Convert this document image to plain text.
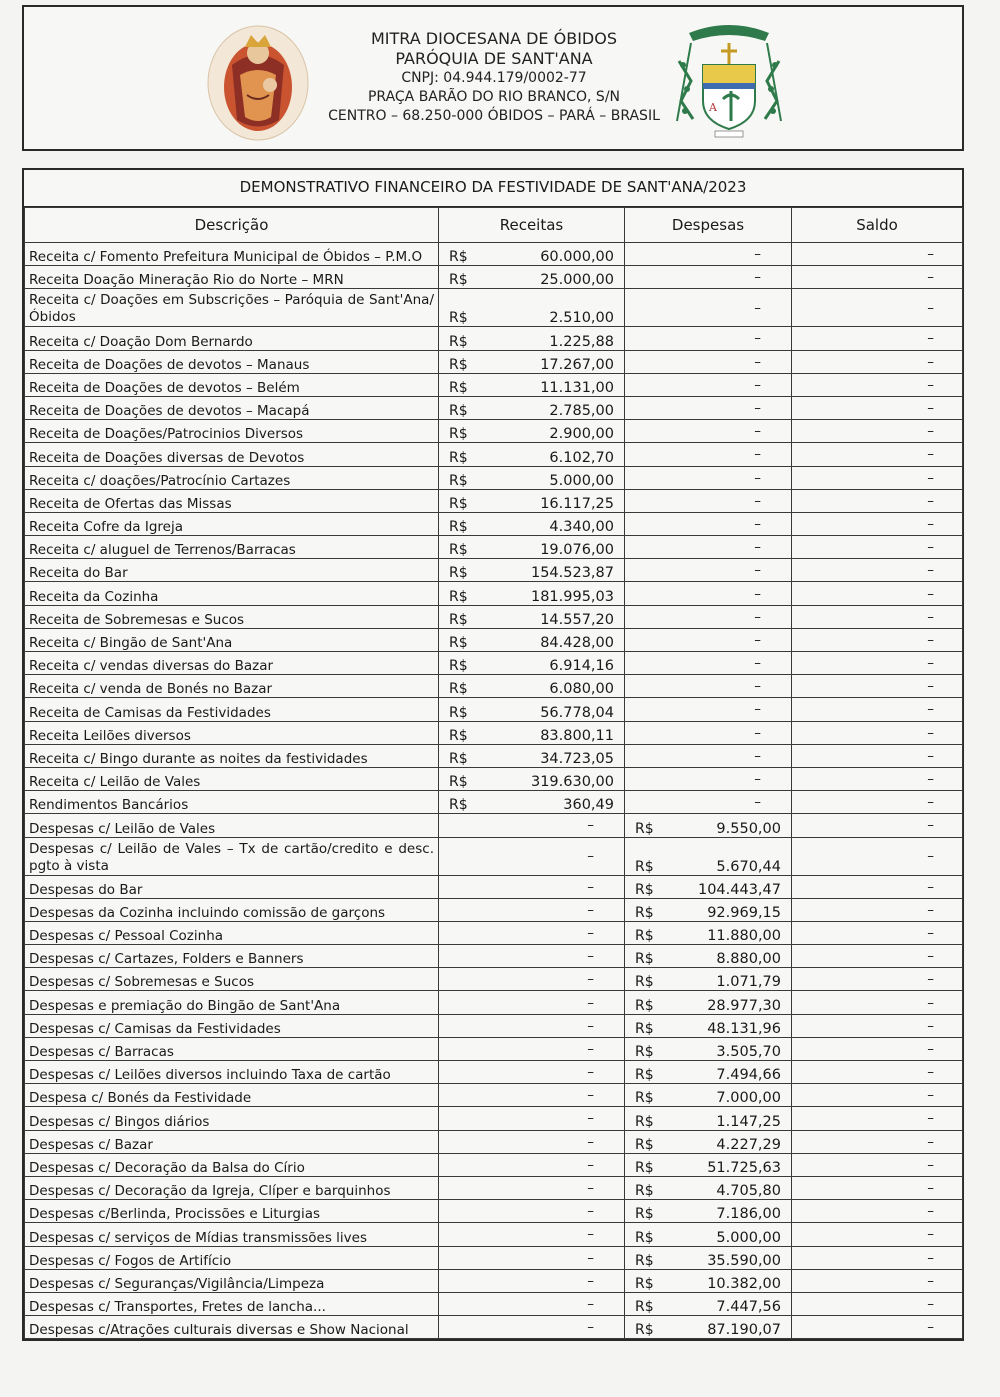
MITRA DIOCESANA DE ÓBIDOS
PARÓQUIA DE SANT'ANA
CNPJ: 04.944.179/0002-77
PRAÇA BARÃO DO RIO BRANCO, S/N
CENTRO – 68.250-000 ÓBIDOS – PARÁ – BRASIL
A
DEMONSTRATIVO FINANCEIRO DA FESTIVIDADE DE SANT'ANA/2023
Descrição	Receitas	Despesas	Saldo
Receita c/ Fomento Prefeitura Municipal de Óbidos – P.M.O	R$ 60.000,00	–	–
Receita Doação Mineração Rio do Norte – MRN	R$ 25.000,00	–	–
Receita c/ Doações em Subscrições – Paróquia de Sant'Ana/Óbidos	R$ 2.510,00	–	–
Receita c/ Doação Dom Bernardo	R$ 1.225,88	–	–
Receita de Doações de devotos – Manaus	R$ 17.267,00	–	–
Receita de Doações de devotos – Belém	R$ 11.131,00	–	–
Receita de Doações de devotos – Macapá	R$ 2.785,00	–	–
Receita de Doações/Patrocinios Diversos	R$ 2.900,00	–	–
Receita de Doações diversas de Devotos	R$ 6.102,70	–	–
Receita c/ doações/Patrocínio Cartazes	R$ 5.000,00	–	–
Receita de Ofertas das Missas	R$ 16.117,25	–	–
Receita Cofre da Igreja	R$ 4.340,00	–	–
Receita c/ aluguel de Terrenos/Barracas	R$ 19.076,00	–	–
Receita do Bar	R$ 154.523,87	–	–
Receita da Cozinha	R$ 181.995,03	–	–
Receita de Sobremesas e Sucos	R$ 14.557,20	–	–
Receita c/ Bingão de Sant'Ana	R$ 84.428,00	–	–
Receita c/ vendas diversas do Bazar	R$ 6.914,16	–	–
Receita c/ venda de Bonés no Bazar	R$ 6.080,00	–	–
Receita de Camisas da Festividades	R$ 56.778,04	–	–
Receita Leilões diversos	R$ 83.800,11	–	–
Receita c/ Bingo durante as noites da festividades	R$ 34.723,05	–	–
Receita c/ Leilão de Vales	R$ 319.630,00	–	–
Rendimentos Bancários	R$ 360,49	–	–
Despesas c/ Leilão de Vales	–	R$ 9.550,00	–
Despesas c/ Leilão de Vales – Tx de cartão/credito e desc. pgto à vista	–	R$ 5.670,44	–
Despesas do Bar	–	R$ 104.443,47	–
Despesas da Cozinha incluindo comissão de garçons	–	R$ 92.969,15	–
Despesas c/ Pessoal Cozinha	–	R$ 11.880,00	–
Despesas c/ Cartazes, Folders e Banners	–	R$ 8.880,00	–
Despesas c/ Sobremesas e Sucos	–	R$ 1.071,79	–
Despesas e premiação do Bingão de Sant'Ana	–	R$ 28.977,30	–
Despesas c/ Camisas da Festividades	–	R$ 48.131,96	–
Despesas c/ Barracas	–	R$ 3.505,70	–
Despesas c/ Leilões diversos incluindo Taxa de cartão	–	R$ 7.494,66	–
Despesa c/ Bonés da Festividade	–	R$ 7.000,00	–
Despesas c/ Bingos diários	–	R$ 1.147,25	–
Despesas c/ Bazar	–	R$ 4.227,29	–
Despesas c/ Decoração da Balsa do Círio	–	R$ 51.725,63	–
Despesas c/ Decoração da Igreja, Clíper e barquinhos	–	R$ 4.705,80	–
Despesas c/Berlinda, Procissões e Liturgias	–	R$ 7.186,00	–
Despesas c/ serviços de Mídias transmissões lives	–	R$ 5.000,00	–
Despesas c/ Fogos de Artifício	–	R$ 35.590,00	–
Despesas c/ Seguranças/Vigilância/Limpeza	–	R$ 10.382,00	–
Despesas c/ Transportes, Fretes de lancha...	–	R$ 7.447,56	–
Despesas c/Atrações culturais diversas e Show Nacional	–	R$ 87.190,07	–
